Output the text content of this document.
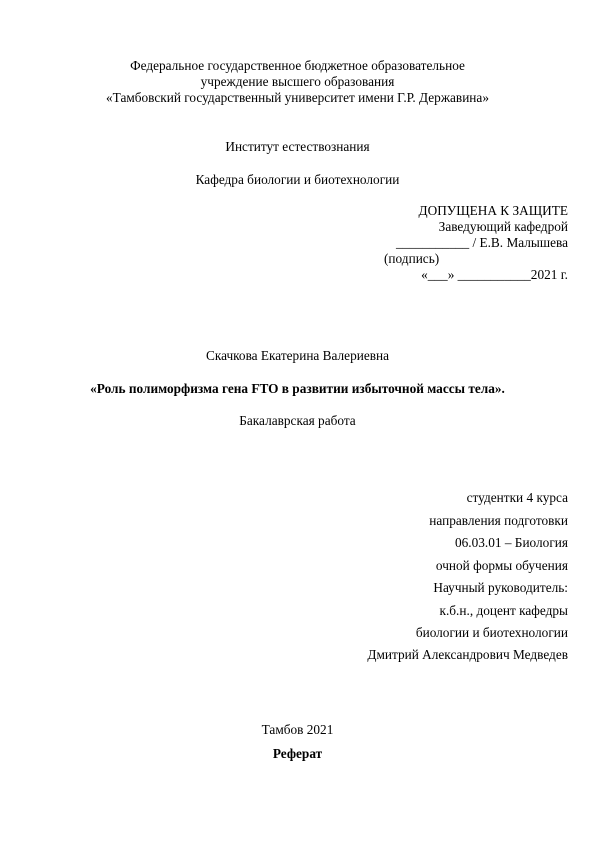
Федеральное государственное бюджетное образовательное
учреждение высшего образования
«Тамбовский государственный университет имени Г.Р. Державина»
Институт естествознания
Кафедра биологии и биотехнологии
ДОПУЩЕНА К ЗАЩИТЕ
Заведующий кафедрой
___________ / Е.В. Малышева
(подпись)
«___» ___________2021 г.
Скачкова Екатерина Валериевна
«Роль полиморфизма гена FTO в развитии избыточной массы тела».
Бакалаврская работа
студентки 4 курса
направления подготовки
06.03.01 – Биология
очной формы обучения
Научный руководитель:
к.б.н., доцент кафедры
биологии и биотехнологии
Дмитрий Александрович Медведев
Тамбов 2021
Реферат
